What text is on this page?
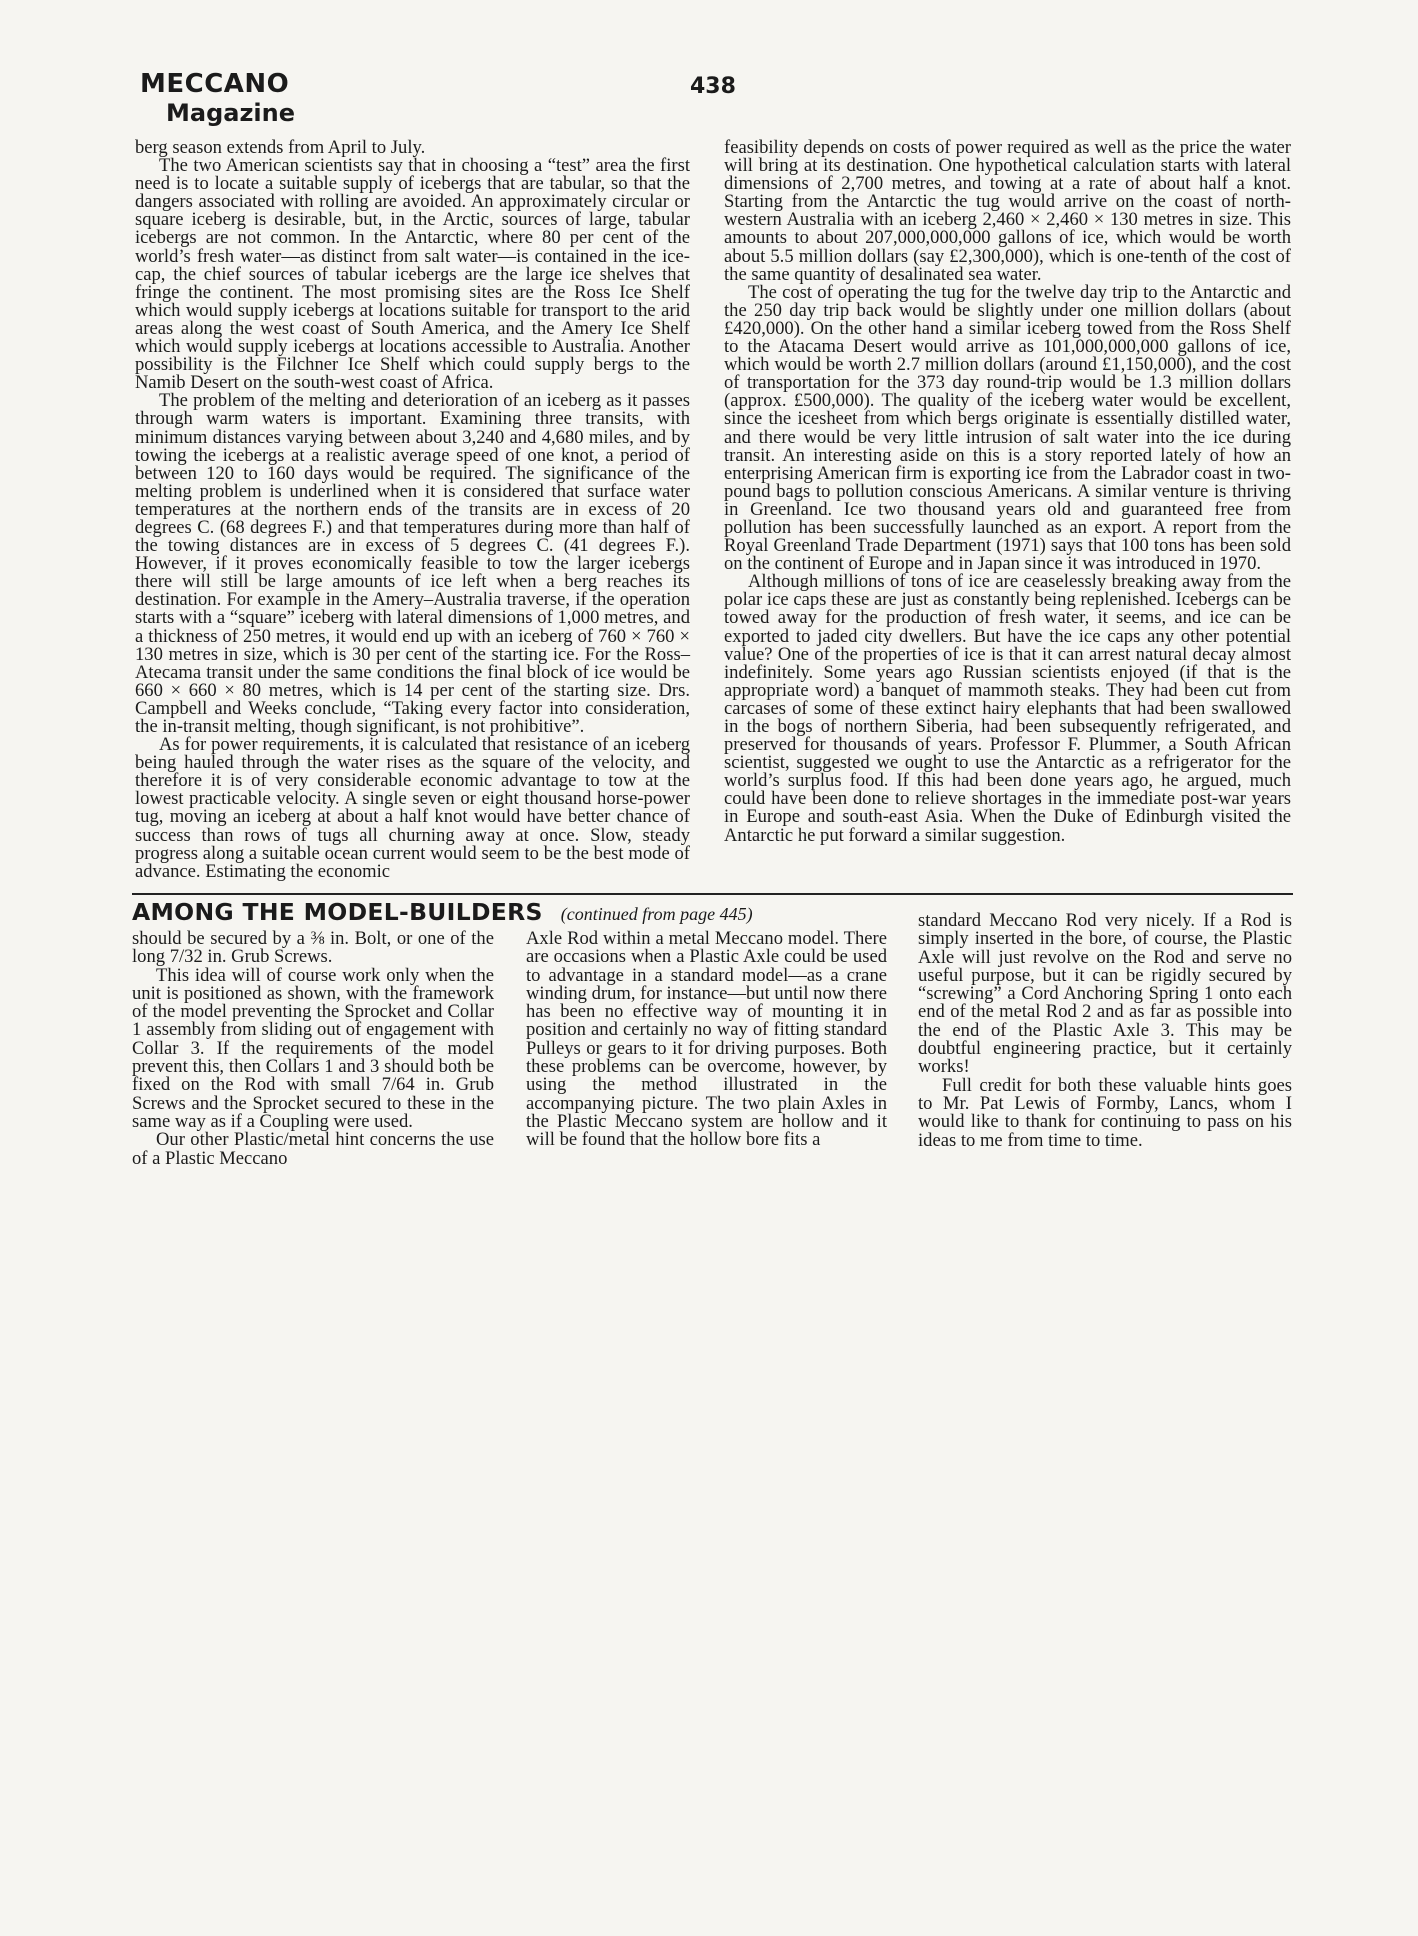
MECCANO
Magazine
438

berg season extends from April to July.

The two American scientists say that in choosing a “test” area the first need is to locate a suitable supply of icebergs that are tabular, so that the dangers associated with rolling are avoided. An approximately circular or square iceberg is desirable, but, in the Arctic, sources of large, tabular icebergs are not common. In the Antarctic, where 80 per cent of the world’s fresh water—as distinct from salt water—is contained in the ice-cap, the chief sources of tabular icebergs are the large ice shelves that fringe the continent. The most promising sites are the Ross Ice Shelf which would supply icebergs at locations suitable for transport to the arid areas along the west coast of South America, and the Amery Ice Shelf which would supply icebergs at locations accessible to Australia. Another possibility is the Filchner Ice Shelf which could supply bergs to the Namib Desert on the south-west coast of Africa.

The problem of the melting and deterioration of an iceberg as it passes through warm waters is important. Examining three transits, with minimum distances varying between about 3,240 and 4,680 miles, and by towing the icebergs at a realistic average speed of one knot, a period of between 120 to 160 days would be required. The significance of the melting problem is underlined when it is considered that surface water temperatures at the northern ends of the transits are in excess of 20 degrees C. (68 degrees F.) and that temperatures during more than half of the towing distances are in excess of 5 degrees C. (41 degrees F.). However, if it proves economically feasible to tow the larger icebergs there will still be large amounts of ice left when a berg reaches its destination. For example in the Amery–Australia traverse, if the operation starts with a “square” iceberg with lateral dimensions of 1,000 metres, and a thickness of 250 metres, it would end up with an iceberg of 760 × 760 × 130 metres in size, which is 30 per cent of the starting ice. For the Ross–Atecama transit under the same conditions the final block of ice would be 660 × 660 × 80 metres, which is 14 per cent of the starting size. Drs. Campbell and Weeks conclude, “Taking every factor into consideration, the in-transit melting, though significant, is not prohibitive”.

As for power requirements, it is calculated that resistance of an iceberg being hauled through the water rises as the square of the velocity, and therefore it is of very considerable economic advantage to tow at the lowest practicable velocity. A single seven or eight thousand horse-power tug, moving an iceberg at about a half knot would have better chance of success than rows of tugs all churning away at once. Slow, steady progress along a suitable ocean current would seem to be the best mode of advance. Estimating the economic

feasibility depends on costs of power required as well as the price the water will bring at its destination. One hypothetical calculation starts with lateral dimensions of 2,700 metres, and towing at a rate of about half a knot. Starting from the Antarctic the tug would arrive on the coast of north-western Australia with an iceberg 2,460 × 2,460 × 130 metres in size. This amounts to about 207,000,000,000 gallons of ice, which would be worth about 5.5 million dollars (say £2,300,000), which is one-tenth of the cost of the same quantity of desalinated sea water.

The cost of operating the tug for the twelve day trip to the Antarctic and the 250 day trip back would be slightly under one million dollars (about £420,000). On the other hand a similar iceberg towed from the Ross Shelf to the Atacama Desert would arrive as 101,000,000,000 gallons of ice, which would be worth 2.7 million dollars (around £1,150,000), and the cost of transportation for the 373 day round-trip would be 1.3 million dollars (approx. £500,000). The quality of the iceberg water would be excellent, since the icesheet from which bergs originate is essentially distilled water, and there would be very little intrusion of salt water into the ice during transit. An interesting aside on this is a story reported lately of how an enterprising American firm is exporting ice from the Labrador coast in two-pound bags to pollution conscious Americans. A similar venture is thriving in Greenland. Ice two thousand years old and guaranteed free from pollution has been successfully launched as an export. A report from the Royal Greenland Trade Department (1971) says that 100 tons has been sold on the continent of Europe and in Japan since it was introduced in 1970.

Although millions of tons of ice are ceaselessly breaking away from the polar ice caps these are just as constantly being replenished. Icebergs can be towed away for the production of fresh water, it seems, and ice can be exported to jaded city dwellers. But have the ice caps any other potential value? One of the properties of ice is that it can arrest natural decay almost indefinitely. Some years ago Russian scientists enjoyed (if that is the appropriate word) a banquet of mammoth steaks. They had been cut from carcases of some of these extinct hairy elephants that had been swallowed in the bogs of northern Siberia, had been subsequently refrigerated, and preserved for thousands of years. Professor F. Plummer, a South African scientist, suggested we ought to use the Antarctic as a refrigerator for the world’s surplus food. If this had been done years ago, he argued, much could have been done to relieve shortages in the immediate post-war years in Europe and south-east Asia. When the Duke of Edinburgh visited the Antarctic he put forward a similar suggestion.

AMONG THE MODEL-BUILDERS (continued from page 445)

should be secured by a ⅜ in. Bolt, or one of the long 7/32 in. Grub Screws.

This idea will of course work only when the unit is positioned as shown, with the framework of the model preventing the Sprocket and Collar 1 assembly from sliding out of engagement with Collar 3. If the requirements of the model prevent this, then Collars 1 and 3 should both be fixed on the Rod with small 7/64 in. Grub Screws and the Sprocket secured to these in the same way as if a Coupling were used.

Our other Plastic/metal hint concerns the use of a Plastic Meccano

Axle Rod within a metal Meccano model. There are occasions when a Plastic Axle could be used to advantage in a standard model—as a crane winding drum, for instance—but until now there has been no effective way of mounting it in position and certainly no way of fitting standard Pulleys or gears to it for driving purposes. Both these problems can be overcome, however, by using the method illustrated in the accompanying picture. The two plain Axles in the Plastic Meccano system are hollow and it will be found that the hollow bore fits a

standard Meccano Rod very nicely. If a Rod is simply inserted in the bore, of course, the Plastic Axle will just revolve on the Rod and serve no useful purpose, but it can be rigidly secured by “screwing” a Cord Anchoring Spring 1 onto each end of the metal Rod 2 and as far as possible into the end of the Plastic Axle 3. This may be doubtful engineering practice, but it certainly works!

Full credit for both these valuable hints goes to Mr. Pat Lewis of Formby, Lancs, whom I would like to thank for continuing to pass on his ideas to me from time to time.
